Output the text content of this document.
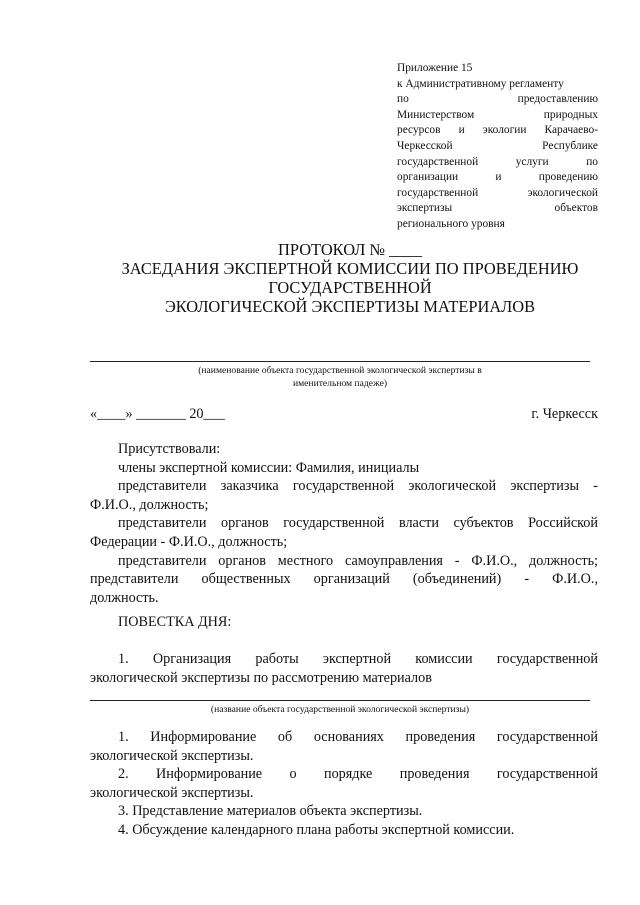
Приложение 15
к Административному регламенту
по предоставлению
Министерством природных
ресурсов и экологии Карачаево-
Черкесской Республике
государственной услуги по
организации и проведению
государственной экологической
экспертизы объектов
регионального уровня
ПРОТОКОЛ № ____
ЗАСЕДАНИЯ ЭКСПЕРТНОЙ КОМИССИИ ПО ПРОВЕДЕНИЮ
ГОСУДАРСТВЕННОЙ
ЭКОЛОГИЧЕСКОЙ ЭКСПЕРТИЗЫ МАТЕРИАЛОВ
(наименование объекта государственной экологической экспертизы в
именительном падеже)
«____» _______ 20___	г. Черкесск
Присутствовали:
члены экспертной комиссии: Фамилия, инициалы
представители заказчика государственной экологической экспертизы -
Ф.И.О., должность;
представители органов государственной власти субъектов Российской
Федерации - Ф.И.О., должность;
представители органов местного самоуправления - Ф.И.О., должность;
представители общественных организаций (объединений) - Ф.И.О.,
должность.
ПОВЕСТКА ДНЯ:
1. Организация работы экспертной комиссии государственной
экологической экспертизы по рассмотрению материалов
(название объекта государственной экологической экспертизы)
1. Информирование об основаниях проведения государственной
экологической экспертизы.
2. Информирование о порядке проведения государственной
экологической экспертизы.
3. Представление материалов объекта экспертизы.
4. Обсуждение календарного плана работы экспертной комиссии.
